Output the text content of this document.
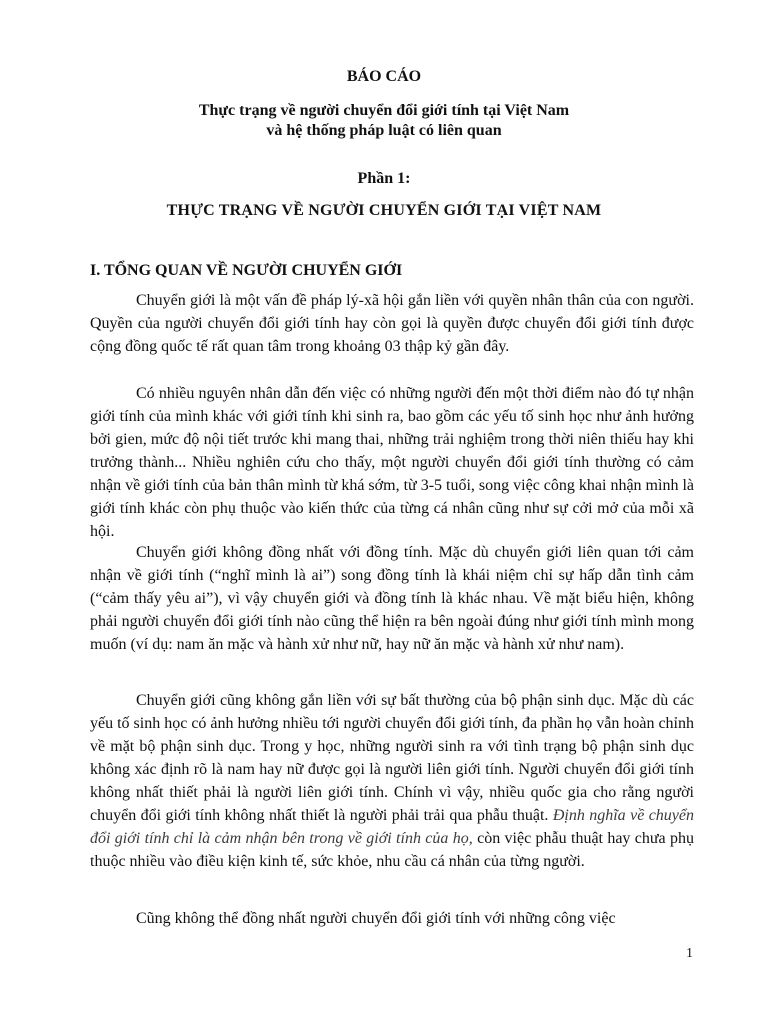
BÁO CÁO
Thực trạng về người chuyển đổi giới tính tại Việt Nam
và hệ thống pháp luật có liên quan
Phần 1:
THỰC TRẠNG VỀ NGƯỜI CHUYỂN GIỚI TẠI VIỆT NAM
I. TỔNG QUAN VỀ NGƯỜI CHUYỂN GIỚI

Chuyển giới là một vấn đề pháp lý-xã hội gắn liền với quyền nhân thân của con người. Quyền của người chuyển đổi giới tính hay còn gọi là quyền được chuyển đổi giới tính được cộng đồng quốc tế rất quan tâm trong khoảng 03 thập kỷ gần đây.

Có nhiều nguyên nhân dẫn đến việc có những người đến một thời điểm nào đó tự nhận giới tính của mình khác với giới tính khi sinh ra, bao gồm các yếu tố sinh học như ảnh hưởng bởi gien, mức độ nội tiết trước khi mang thai, những trải nghiệm trong thời niên thiếu hay khi trưởng thành... Nhiều nghiên cứu cho thấy, một người chuyển đổi giới tính thường có cảm nhận về giới tính của bản thân mình từ khá sớm, từ 3-5 tuổi, song việc công khai nhận mình là giới tính khác còn phụ thuộc vào kiến thức của từng cá nhân cũng như sự cởi mở của mỗi xã hội.

Chuyển giới không đồng nhất với đồng tính. Mặc dù chuyển giới liên quan tới cảm nhận về giới tính (“nghĩ mình là ai”) song đồng tính là khái niệm chỉ sự hấp dẫn tình cảm (“cảm thấy yêu ai”), vì vậy chuyển giới và đồng tính là khác nhau. Về mặt biểu hiện, không phải người chuyển đổi giới tính nào cũng thể hiện ra bên ngoài đúng như giới tính mình mong muốn (ví dụ: nam ăn mặc và hành xử như nữ, hay nữ ăn mặc và hành xử như nam).

Chuyển giới cũng không gắn liền với sự bất thường của bộ phận sinh dục. Mặc dù các yếu tố sinh học có ảnh hưởng nhiều tới người chuyển đổi giới tính, đa phần họ vẫn hoàn chỉnh về mặt bộ phận sinh dục. Trong y học, những người sinh ra với tình trạng bộ phận sinh dục không xác định rõ là nam hay nữ được gọi là người liên giới tính. Người chuyển đổi giới tính không nhất thiết phải là người liên giới tính. Chính vì vậy, nhiều quốc gia cho rằng người chuyển đổi giới tính không nhất thiết là người phải trải qua phẫu thuật. Định nghĩa về chuyển đổi giới tính chỉ là cảm nhận bên trong về giới tính của họ, còn việc phẫu thuật hay chưa phụ thuộc nhiều vào điều kiện kinh tế, sức khỏe, nhu cầu cá nhân của từng người.

Cũng không thể đồng nhất người chuyển đổi giới tính với những công việc

1
